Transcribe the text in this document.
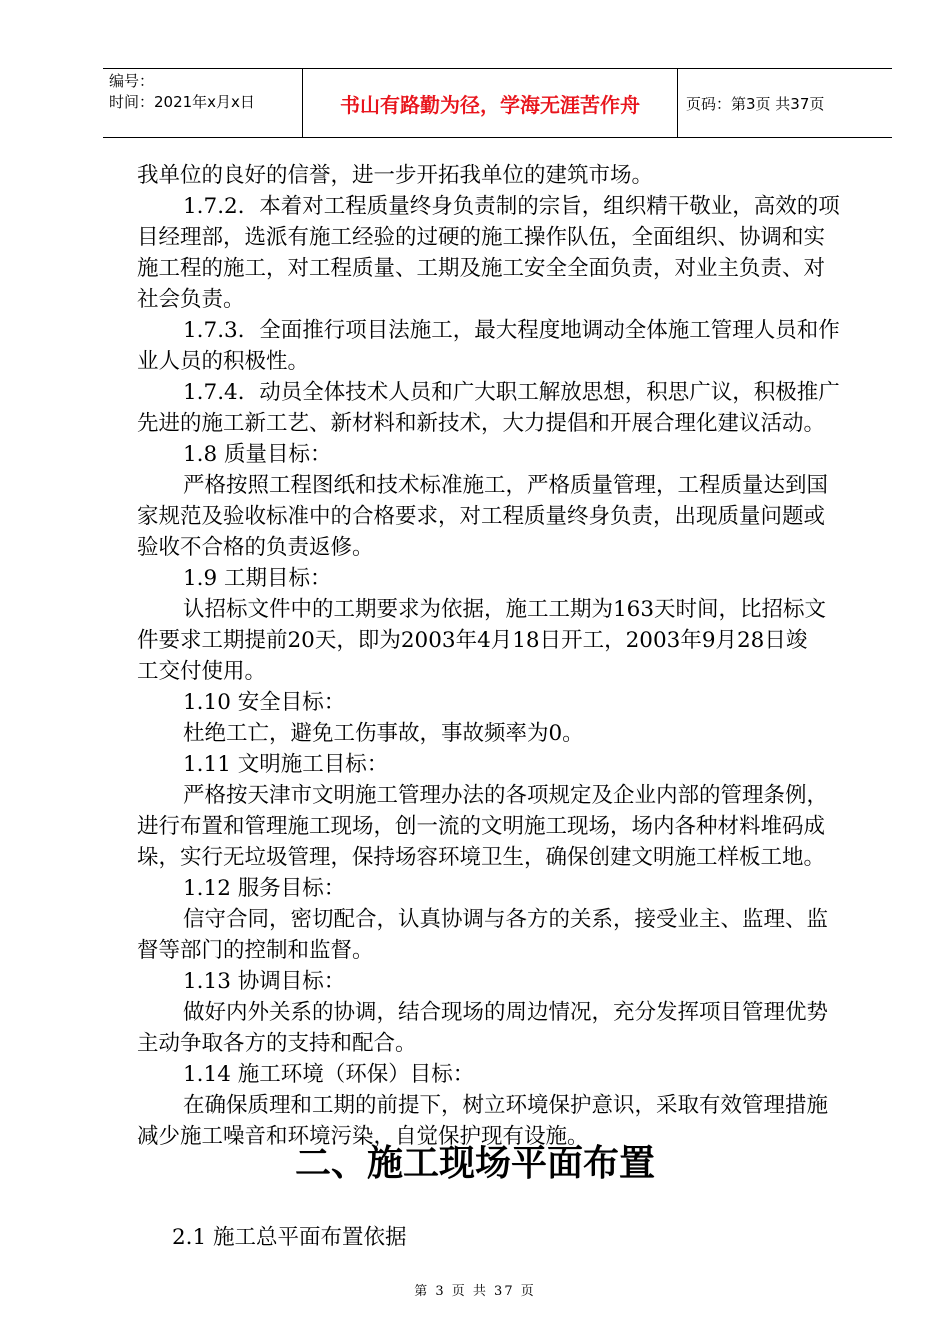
编号：
时间：2021年x月x日	书山有路勤为径，学海无涯苦作舟	页码：第3页 共37页

我单位的良好的信誉，进一步开拓我单位的建筑市场。

1.7.2．本着对工程质量终身负责制的宗旨，组织精干敬业，高效的项

目经理部，选派有施工经验的过硬的施工操作队伍，全面组织、协调和实

施工程的施工，对工程质量、工期及施工安全全面负责，对业主负责、对

社会负责。

1.7.3．全面推行项目法施工，最大程度地调动全体施工管理人员和作

业人员的积极性。

1.7.4．动员全体技术人员和广大职工解放思想，积思广议，积极推广

先进的施工新工艺、新材料和新技术，大力提倡和开展合理化建议活动。

1.8 质量目标：

严格按照工程图纸和技术标准施工，严格质量管理，工程质量达到国

家规范及验收标准中的合格要求，对工程质量终身负责，出现质量问题或

验收不合格的负责返修。

1.9 工期目标：

认招标文件中的工期要求为依据，施工工期为163天时间，比招标文

件要求工期提前20天，即为2003年4月18日开工，2003年9月28日竣

工交付使用。

1.10 安全目标：

杜绝工亡，避免工伤事故，事故频率为0。

1.11 文明施工目标：

严格按天津市文明施工管理办法的各项规定及企业内部的管理条例，

进行布置和管理施工现场，创一流的文明施工现场，场内各种材料堆码成

垛，实行无垃圾管理，保持场容环境卫生，确保创建文明施工样板工地。

1.12 服务目标：

信守合同，密切配合，认真协调与各方的关系，接受业主、监理、监

督等部门的控制和监督。

1.13 协调目标：

做好内外关系的协调，结合现场的周边情况，充分发挥项目管理优势

主动争取各方的支持和配合。

1.14 施工环境（环保）目标：

在确保质理和工期的前提下，树立环境保护意识，采取有效管理措施

减少施工噪音和环境污染，自觉保护现有设施。

二、施工现场平面布置

2.1 施工总平面布置依据

第 3 页 共 37 页
